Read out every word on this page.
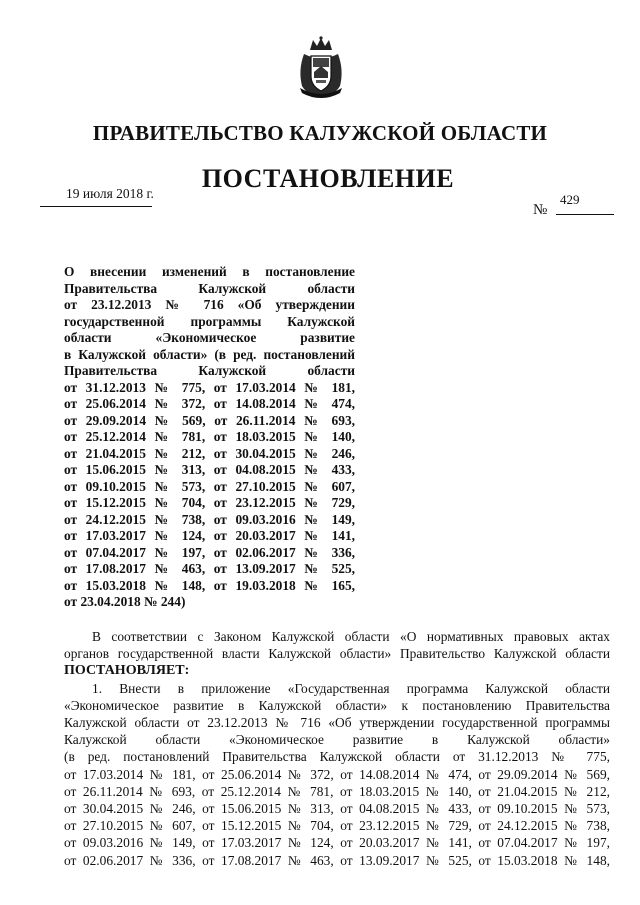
ПРАВИТЕЛЬСТВО КАЛУЖСКОЙ ОБЛАСТИ
ПОСТАНОВЛЕНИЕ
19 июля 2018 г.	429
№
О внесении изменений в постановление
Правительства Калужской области
от 23.12.2013 № 716 «Об утверждении
государственной программы Калужской
области «Экономическое развитие
в Калужской области» (в ред. постановлений
Правительства Калужской области
от 31.12.2013 № 775, от 17.03.2014 № 181,
от 25.06.2014 № 372, от 14.08.2014 № 474,
от 29.09.2014 № 569, от 26.11.2014 № 693,
от 25.12.2014 № 781, от 18.03.2015 № 140,
от 21.04.2015 № 212, от 30.04.2015 № 246,
от 15.06.2015 № 313, от 04.08.2015 № 433,
от 09.10.2015 № 573, от 27.10.2015 № 607,
от 15.12.2015 № 704, от 23.12.2015 № 729,
от 24.12.2015 № 738, от 09.03.2016 № 149,
от 17.03.2017 № 124, от 20.03.2017 № 141,
от 07.04.2017 № 197, от 02.06.2017 № 336,
от 17.08.2017 № 463, от 13.09.2017 № 525,
от 15.03.2018 № 148, от 19.03.2018 № 165,
от 23.04.2018 № 244)
В соответствии с Законом Калужской области «О нормативных правовых актах
органов государственной власти Калужской области» Правительство Калужской области
ПОСТАНОВЛЯЕТ:
1. Внести в приложение «Государственная программа Калужской области
«Экономическое развитие в Калужской области» к постановлению Правительства
Калужской области от 23.12.2013 № 716 «Об утверждении государственной программы
Калужской области «Экономическое развитие в Калужской области»
(в ред. постановлений Правительства Калужской области от 31.12.2013 № 775,
от 17.03.2014 № 181, от 25.06.2014 № 372, от 14.08.2014 № 474, от 29.09.2014 № 569,
от 26.11.2014 № 693, от 25.12.2014 № 781, от 18.03.2015 № 140, от 21.04.2015 № 212,
от 30.04.2015 № 246, от 15.06.2015 № 313, от 04.08.2015 № 433, от 09.10.2015 № 573,
от 27.10.2015 № 607, от 15.12.2015 № 704, от 23.12.2015 № 729, от 24.12.2015 № 738,
от 09.03.2016 № 149, от 17.03.2017 № 124, от 20.03.2017 № 141, от 07.04.2017 № 197,
от 02.06.2017 № 336, от 17.08.2017 № 463, от 13.09.2017 № 525, от 15.03.2018 № 148,
